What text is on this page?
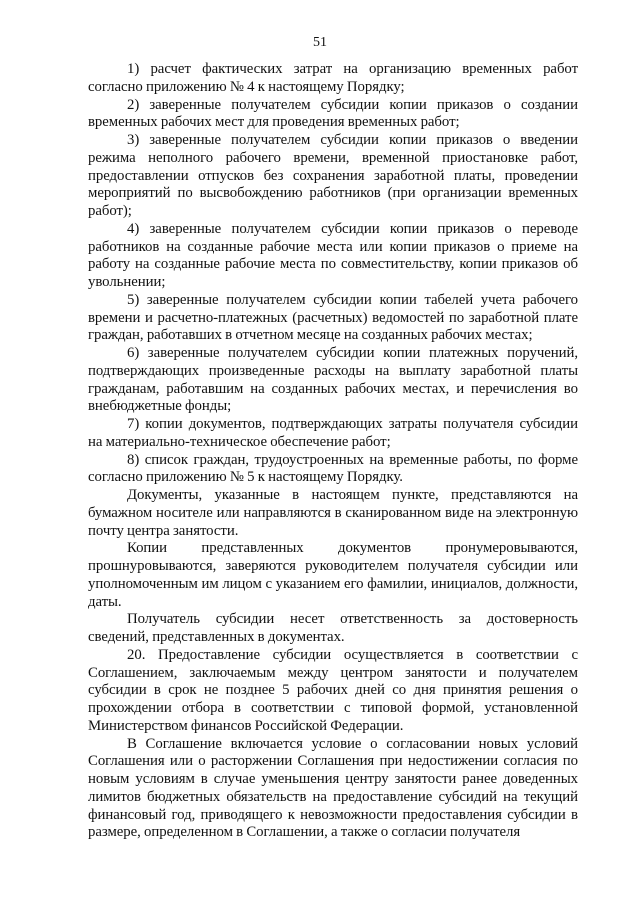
51

1) расчет фактических затрат на организацию временных работ согласно приложению № 4 к настоящему Порядку;

2) заверенные получателем субсидии копии приказов о создании временных рабочих мест для проведения временных работ;

3) заверенные получателем субсидии копии приказов о введении режима неполного рабочего времени, временной приостановке работ, предоставлении отпусков без сохранения заработной платы, проведении мероприятий по высвобождению работников (при организации временных работ);

4) заверенные получателем субсидии копии приказов о переводе работников на созданные рабочие места или копии приказов о приеме на работу на созданные рабочие места по совместительству, копии приказов об увольнении;

5) заверенные получателем субсидии копии табелей учета рабочего времени и расчетно-платежных (расчетных) ведомостей по заработной плате граждан, работавших в отчетном месяце на созданных рабочих местах;

6) заверенные получателем субсидии копии платежных поручений, подтверждающих произведенные расходы на выплату заработной платы гражданам, работавшим на созданных рабочих местах, и перечисления во внебюджетные фонды;

7) копии документов, подтверждающих затраты получателя субсидии на материально-техническое обеспечение работ;

8) список граждан, трудоустроенных на временные работы, по форме согласно приложению № 5 к настоящему Порядку.

Документы, указанные в настоящем пункте, представляются на бумажном носителе или направляются в сканированном виде на электронную почту центра занятости.

Копии представленных документов пронумеровываются, прошнуровываются, заверяются руководителем получателя субсидии или уполномоченным им лицом с указанием его фамилии, инициалов, должности, даты.

Получатель субсидии несет ответственность за достоверность сведений, представленных в документах.

20. Предоставление субсидии осуществляется в соответствии с Соглашением, заключаемым между центром занятости и получателем субсидии в срок не позднее 5 рабочих дней со дня принятия решения о прохождении отбора в соответствии с типовой формой, установленной Министерством финансов Российской Федерации.

В Соглашение включается условие о согласовании новых условий Соглашения или о расторжении Соглашения при недостижении согласия по новым условиям в случае уменьшения центру занятости ранее доведенных лимитов бюджетных обязательств на предоставление субсидий на текущий финансовый год, приводящего к невозможности предоставления субсидии в размере, определенном в Соглашении, а также о согласии получателя
